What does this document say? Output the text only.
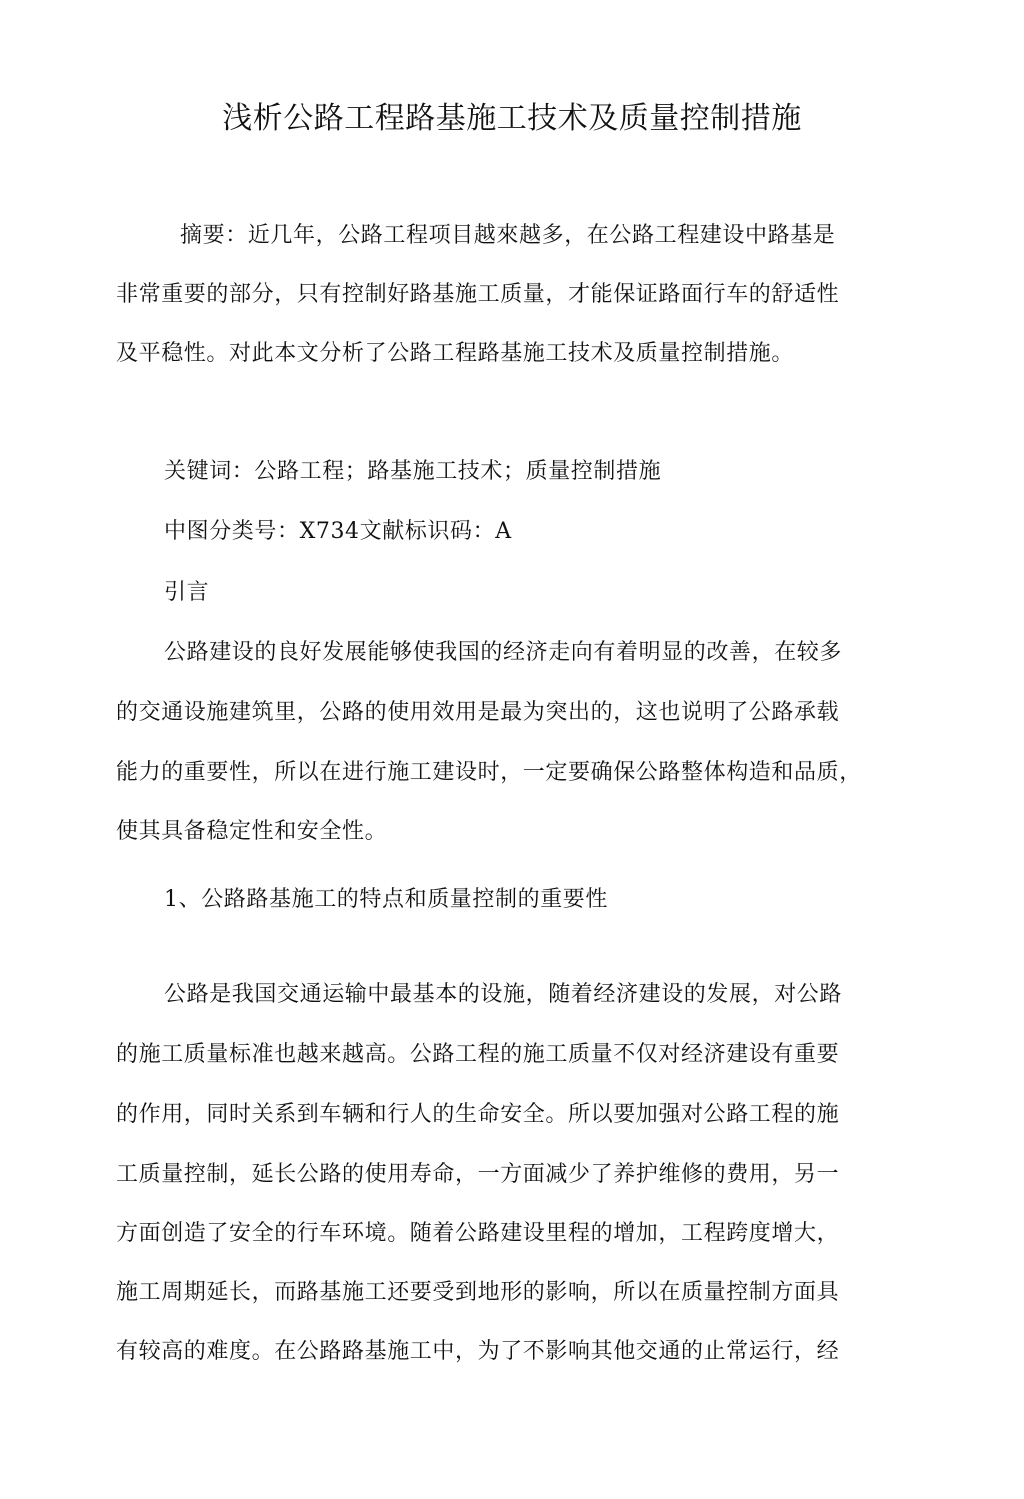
浅析公路工程路基施工技术及质量控制措施
摘要：近几年，公路工程项目越來越多，在公路工程建设中路基是
非常重要的部分，只有控制好路基施工质量，才能保证路面行车的舒适性
及平稳性。对此本文分析了公路工程路基施工技术及质量控制措施。
关键词：公路工程；路基施工技术；质量控制措施
中图分类号：X734文献标识码：A
引言
公路建设的良好发展能够使我国的经济走向有着明显的改善，在较多
的交通设施建筑里，公路的使用效用是最为突出的，这也说明了公路承载
能力的重要性，所以在进行施工建设时，一定要确保公路整体构造和品质，
使其具备稳定性和安全性。
1、公路路基施工的特点和质量控制的重要性
公路是我国交通运输中最基本的设施，随着经济建设的发展，对公路
的施工质量标准也越来越高。公路工程的施工质量不仅对经济建设有重要
的作用，同时关系到车辆和行人的生命安全。所以要加强对公路工程的施
工质量控制，延长公路的使用寿命，一方面减少了养护维修的费用，另一
方面创造了安全的行车环境。随着公路建设里程的增加，工程跨度增大，
施工周期延长，而路基施工还要受到地形的影响，所以在质量控制方面具
有较高的难度。在公路路基施工中，为了不影响其他交通的止常运行，经
